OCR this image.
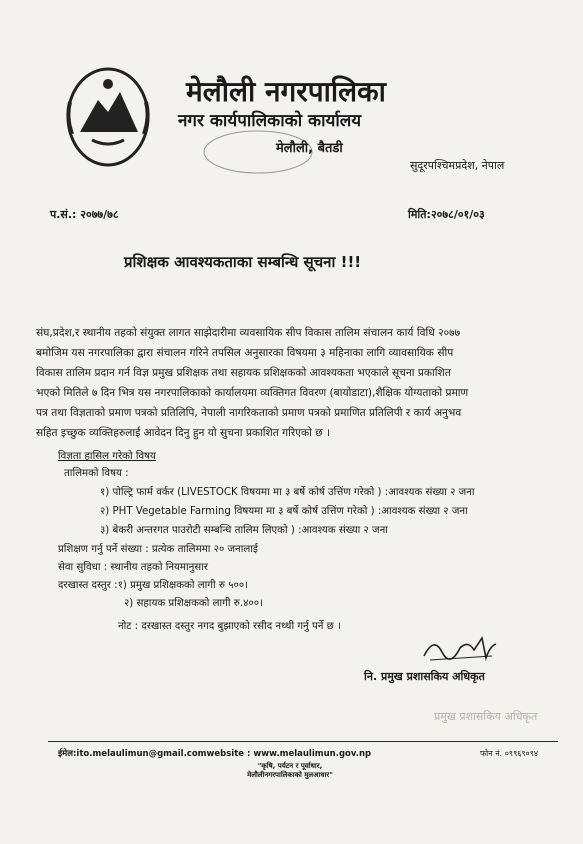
मेलौली नगरपालिका
नगर कार्यपालिकाको कार्यालय
मेलौली, बैतडी
सुदूरपश्चिमप्रदेश, नेपाल
प.सं.: २०७७/७८	मिति:२०७८/०१/०३
प्रशिक्षक आवश्यकताका सम्बन्धि सूचना !!!
संघ,प्रदेश,र स्थानीय तहको संयुक्त लागत साझेदारीमा व्यवसायिक सीप विकास तालिम संचालन कार्य विधि २०७७
बमोजिम यस नगरपालिका द्वारा संचालन गरिने तपसिल अनुसारका विषयमा ३ महिनाका लागि व्यावसायिक सीप
विकास तालिम प्रदान गर्न विज्ञ प्रमुख प्रशिक्षक तथा सहायक प्रशिक्षकको आवश्यकता भएकाले सूचना प्रकाशित
भएको मितिले ७ दिन भित्र यस नगरपालिकाको कार्यालयमा व्यक्तिगत विवरण (बायोडाटा),शैक्षिक योग्यताको प्रमाण
पत्र तथा विज्ञताको प्रमाण पत्रको प्रतिलिपि, नेपाली नागरिकताको प्रमाण पत्रको प्रमाणित प्रतिलिपी र कार्य अनुभव
सहित इच्छुक व्यक्तिहरुलाई आवेदन दिनु हुन यो सुचना प्रकाशित गरिएको छ ।
विज्ञता हासिल गरेको विषय
तालिमको विषय :
१) पोल्ट्रि फार्म वर्कर (LIVESTOCK विषयमा मा ३ बर्षे कोर्ष उत्तिंण गरेको ) :आवश्यक संख्या २ जना
२) PHT Vegetable Farming विषयमा मा ३ बर्षे कोर्ष उत्तिंण गरेको ) :आवश्यक संख्या २ जना
३) बेकरी अन्तरगत पाउरोटी सम्बन्धि तालिम लिएको ) :आवश्यक संख्या २ जना
प्रशिक्षण गर्नु पर्ने संख्या : प्रत्येक तालिममा २० जनालाई
सेवा सुविधा : स्थानीय तहको नियमानुसार
दरखास्त दस्तुर :१) प्रमुख प्रशिक्षकको लागी रु ५००।
२) सहायक प्रशिक्षकको लागी रु.४००।
नोट : दरखास्त दस्तुर नगद बुझाएको रसीद नथ्थी गर्नु पर्ने छ ।
नि. प्रमुख प्रशासकिय अधिकृत
प्रमुख प्रशासकिय अधिकृत
ईमेल:ito.melaulimun@gmail.comwebsite : www.melaulimun.gov.np	फोन नं. ०९९६९०९४
"कृषि, पर्यटन र पूर्वाधार,
मेलौलीनगरपालिकाको मुलआधार"
